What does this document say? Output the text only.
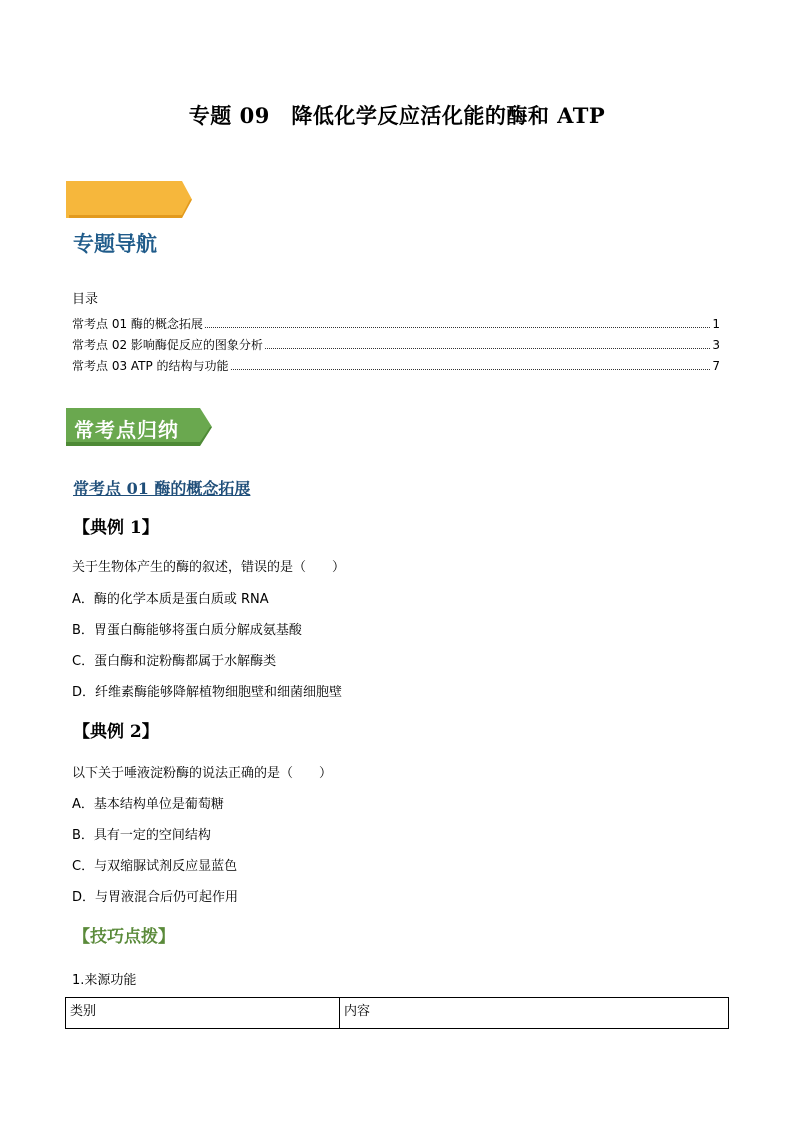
专题 09　降低化学反应活化能的酶和 ATP
专题导航
目录
常考点 01 酶的概念拓展	1
常考点 02 影响酶促反应的图象分析	3
常考点 03 ATP 的结构与功能	7
常考点归纳
常考点 01 酶的概念拓展
【典例 1】
关于生物体产生的酶的叙述，错误的是（　　）
A．酶的化学本质是蛋白质或 RNA
B．胃蛋白酶能够将蛋白质分解成氨基酸
C．蛋白酶和淀粉酶都属于水解酶类
D．纤维素酶能够降解植物细胞壁和细菌细胞壁
【典例 2】
以下关于唾液淀粉酶的说法正确的是（　　）
A．基本结构单位是葡萄糖
B．具有一定的空间结构
C．与双缩脲试剂反应显蓝色
D．与胃液混合后仍可起作用
【技巧点拨】
1.来源功能
类别	内容
